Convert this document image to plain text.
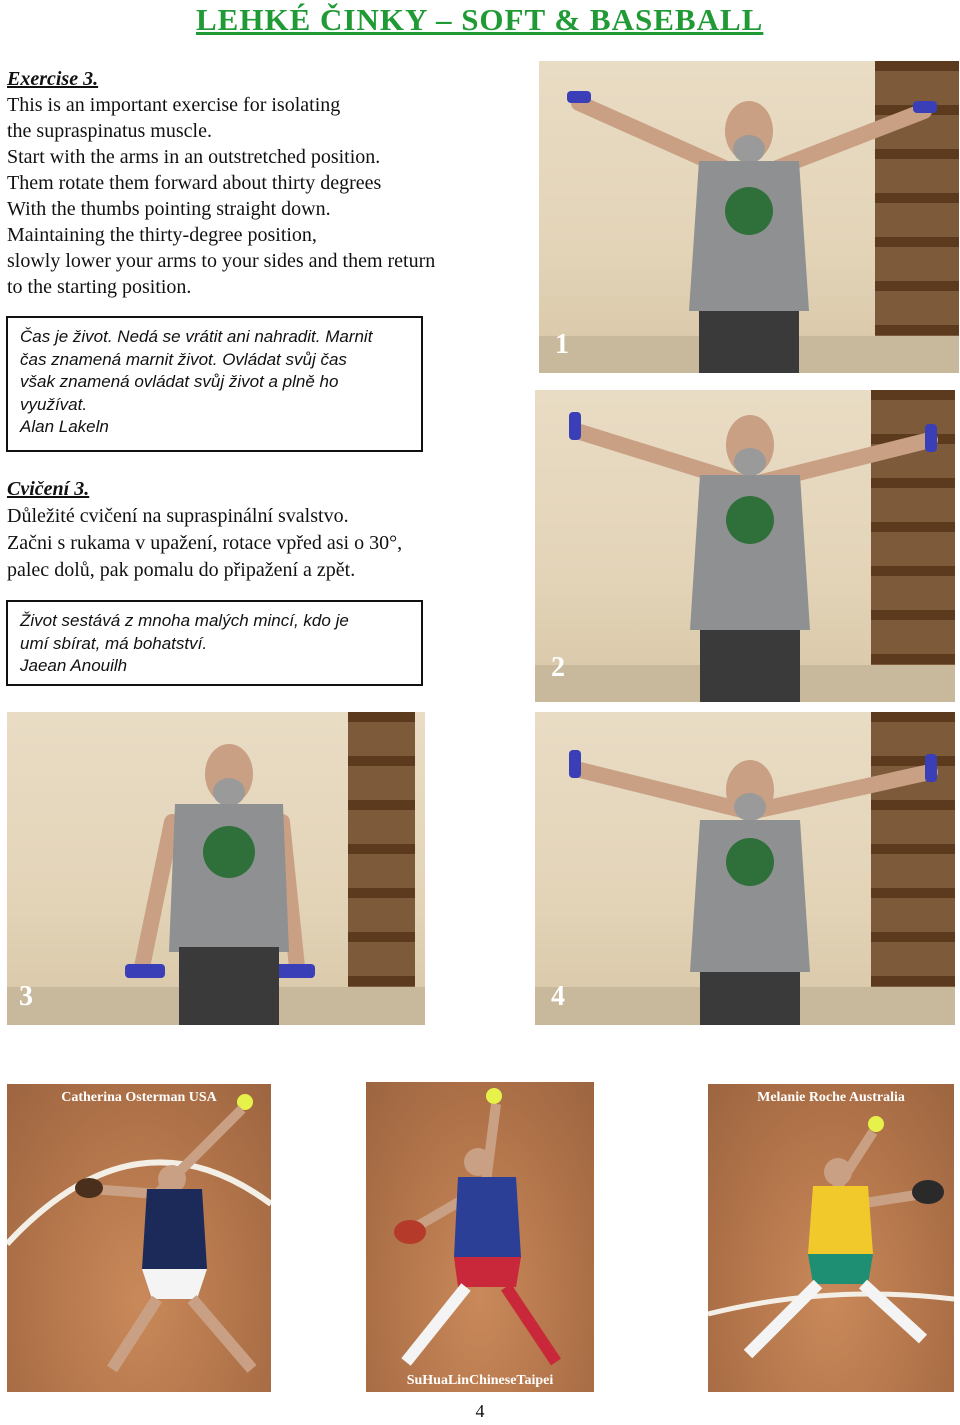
LEHKÉ ČINKY – SOFT & BASEBALL
Exercise 3.
This is an important exercise for isolating
the supraspinatus muscle.
Start with the arms in an outstretched position.
Them rotate them forward about thirty degrees
With the thumbs pointing straight down.
Maintaining the thirty-degree position,
slowly lower your arms to your sides and them return
to the starting position.
Čas je život. Nedá se vrátit ani nahradit. Marnit
čas znamená marnit život. Ovládat svůj čas
však znamená ovládat svůj život a plně ho
využívat.
Alan Lakeln
Cvičení 3.
Důležité cvičení na supraspinální svalstvo.
Začni s rukama v upažení, rotace vpřed asi o 30°,
palec dolů, pak pomalu do připažení a zpět.
Život sestává z mnoha malých mincí, kdo je
umí sbírat, má bohatství.
Jaean Anouilh
1
2
3	4
Catherina Osterman USA
SuHuaLinChineseTaipei
Melanie Roche Australia
4
